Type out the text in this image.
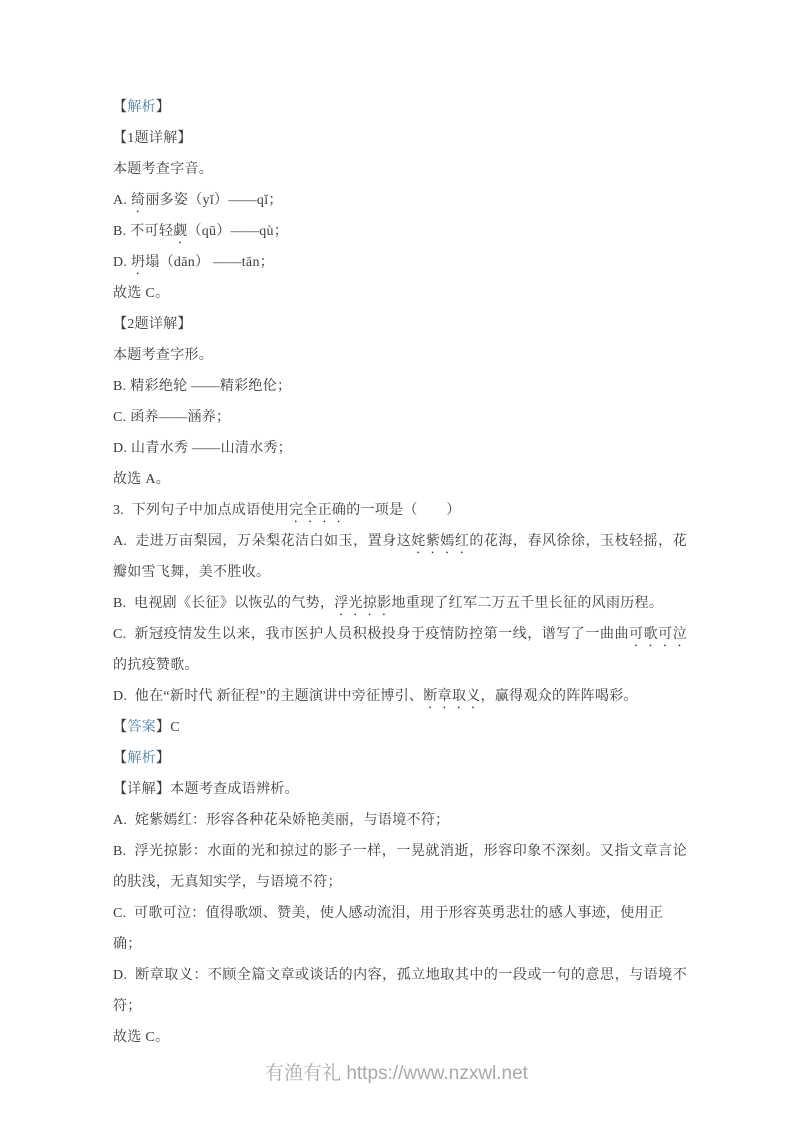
【解析】
【1题详解】
本题考查字音。
A. 绮丽多姿（yǐ）——qǐ；
B. 不可轻觑（qū）——qù；
D. 坍塌（dān） ——tān；
故选 C。
【2题详解】
本题考查字形。
B. 精彩绝轮 ——精彩绝伦；
C. 函养——涵养；
D. 山青水秀 ——山清水秀；
故选 A。
3.  下列句子中加点成语使用完全正确的一项是（　　）
A.  走进万亩梨园，万朵梨花洁白如玉，置身这姹紫嫣红的花海，春风徐徐，玉枝轻摇，花
瓣如雪飞舞，美不胜收。
B.  电视剧《长征》以恢弘的气势，浮光掠影地重现了红军二万五千里长征的风雨历程。
C.  新冠疫情发生以来，我市医护人员积极投身于疫情防控第一线，谱写了一曲曲可歌可泣
的抗疫赞歌。
D.  他在“新时代 新征程”的主题演讲中旁征博引、断章取义，赢得观众的阵阵喝彩。
【答案】C
【解析】
【详解】本题考查成语辨析。
A.  姹紫嫣红：形容各种花朵娇艳美丽，与语境不符；
B.  浮光掠影：水面的光和掠过的影子一样，一晃就消逝，形容印象不深刻。又指文章言论
的肤浅，无真知实学，与语境不符；
C.  可歌可泣：值得歌颂、赞美，使人感动流泪，用于形容英勇悲壮的感人事迹，使用正确；
D.  断章取义：不顾全篇文章或谈话的内容，孤立地取其中的一段或一句的意思，与语境不
符；
故选 C。
有渔有礼 https://www.nzxwl.net
